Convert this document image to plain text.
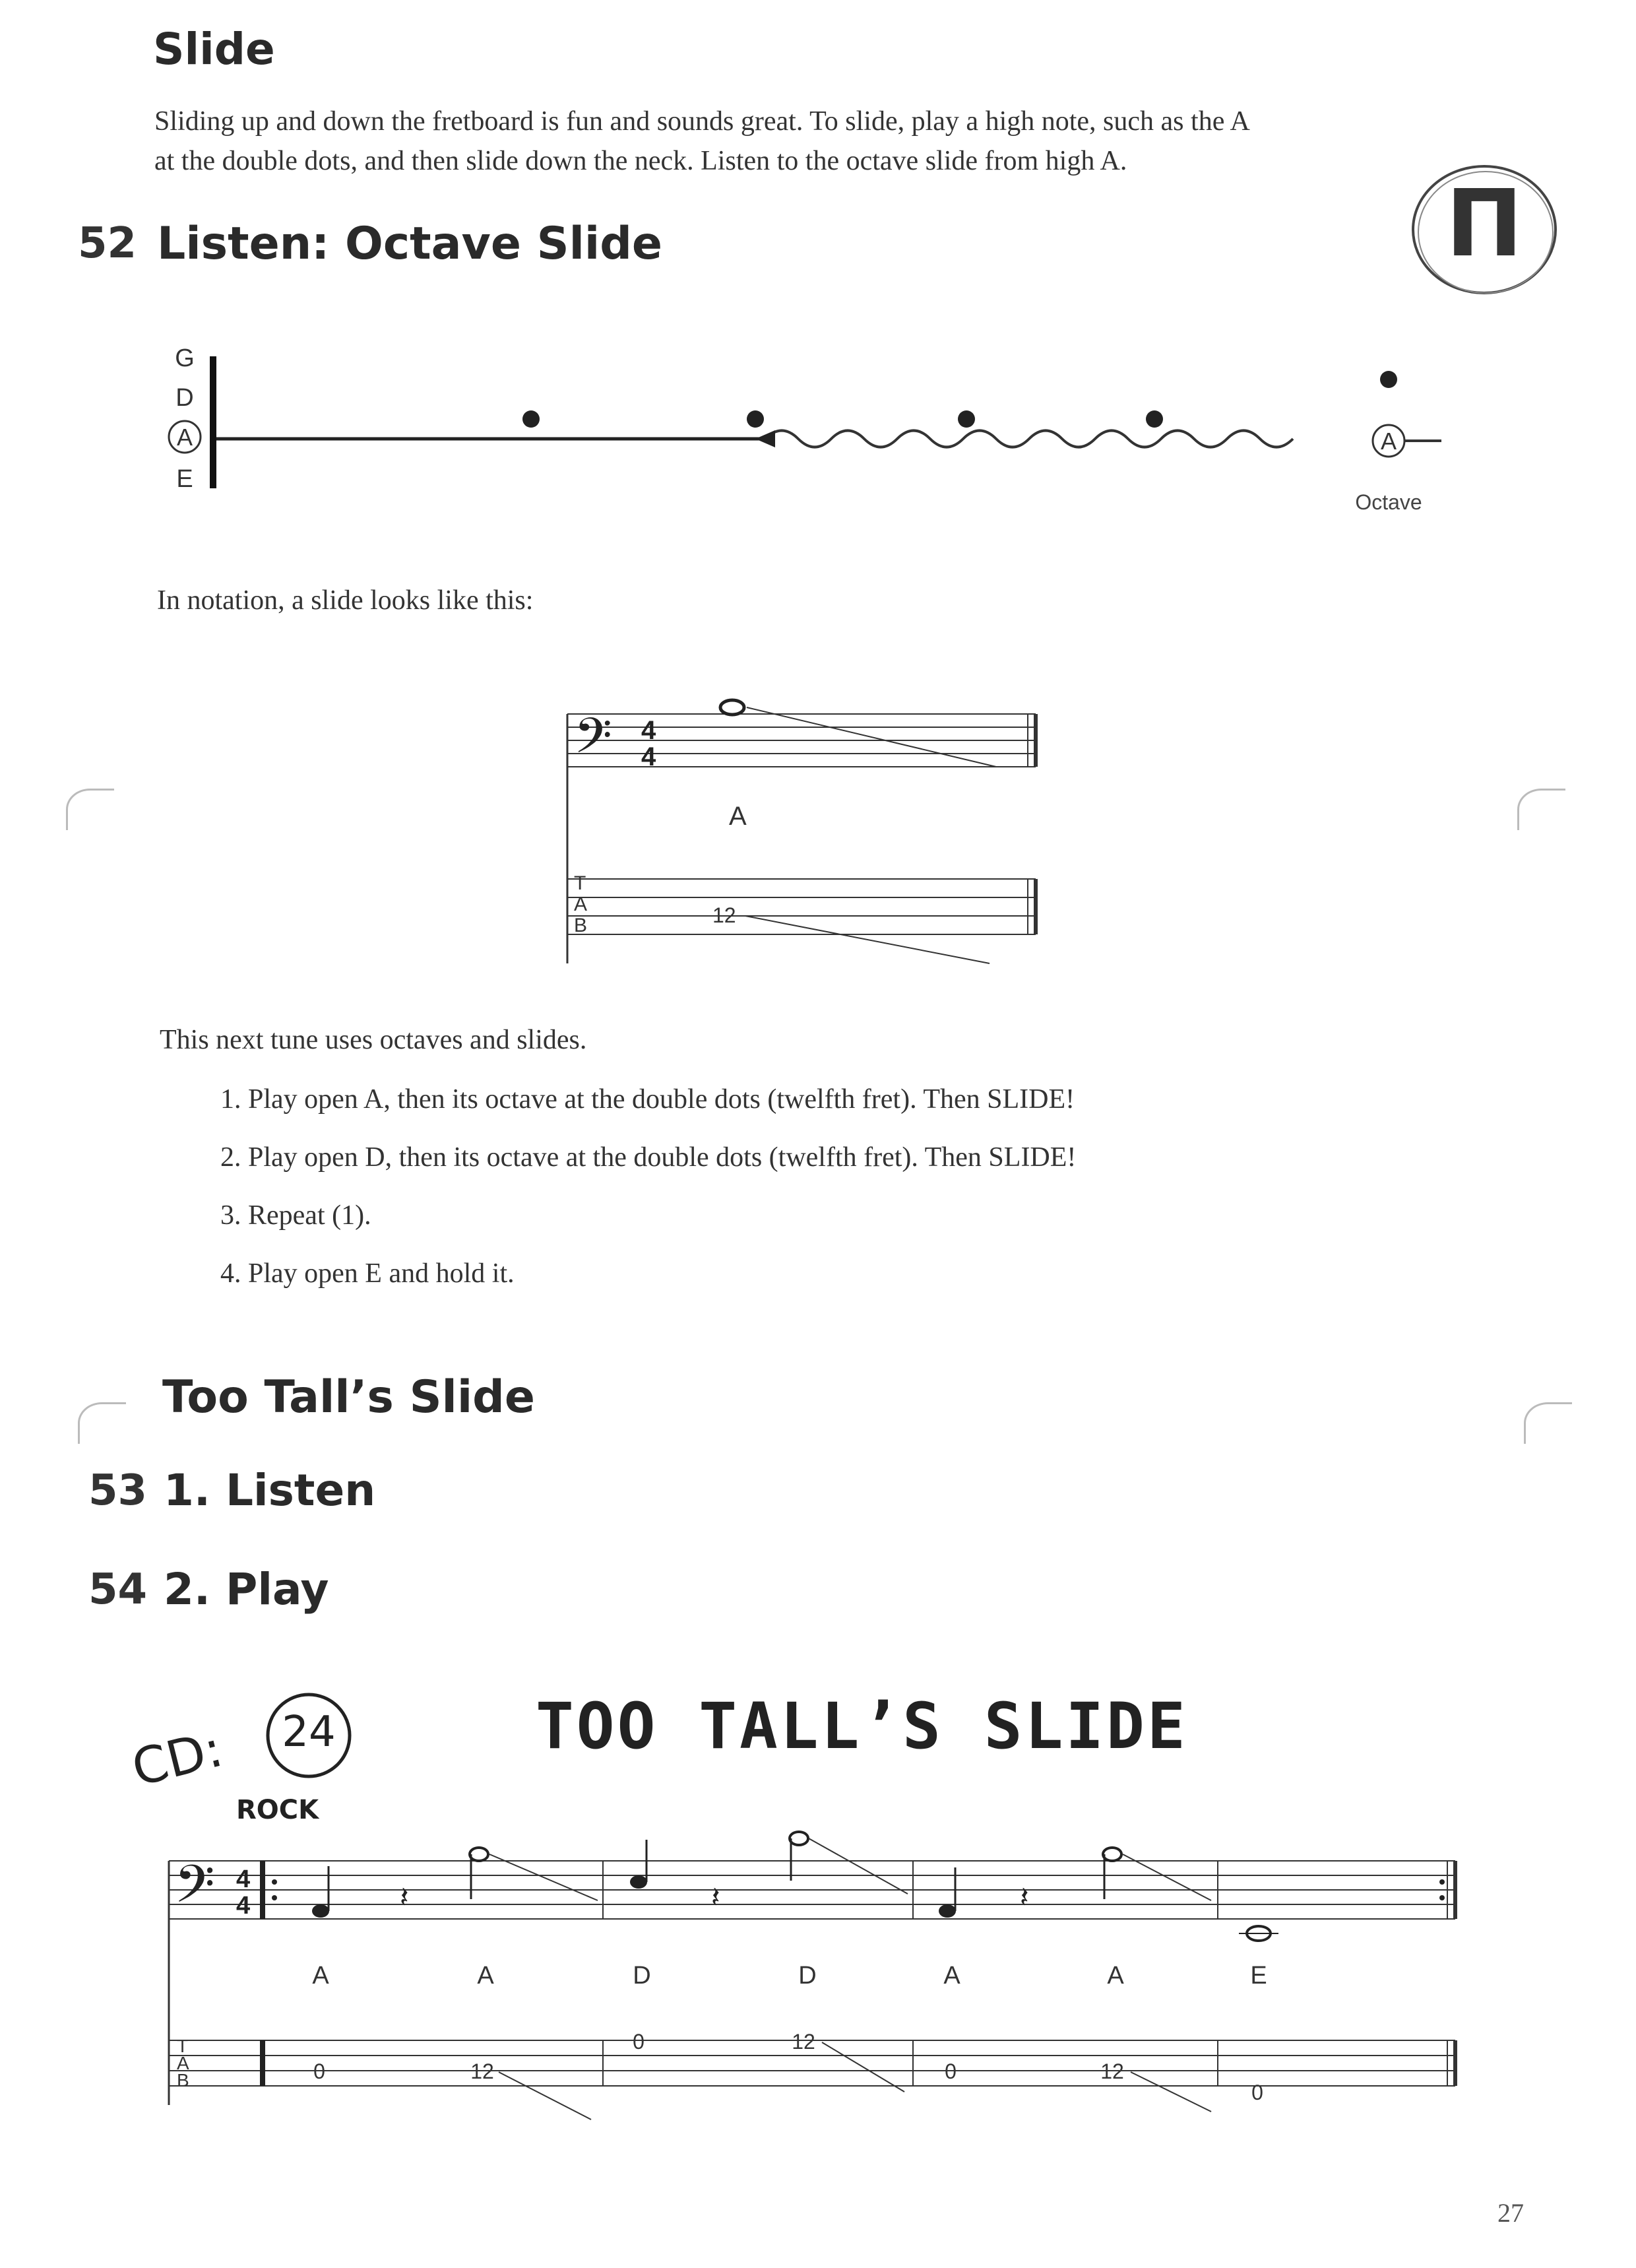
Slide
Sliding up and down the fretboard is fun and sounds great. To slide, play a high note, such as the A
at the double dots, and then slide down the neck. Listen to the octave slide from high A.
Π
52 Listen: Octave Slide
G
D
A
E
A
Octave
In notation, a slide looks like this:
𝄢 4
4
A
T
A
B	12
This next tune uses octaves and slides.
1. Play open A, then its octave at the double dots (twelfth fret). Then SLIDE!
2. Play open D, then its octave at the double dots (twelfth fret). Then SLIDE!
3. Repeat (1).
4. Play open E and hold it.
Too Tall’s Slide
53 1. Listen
54 2. Play
CD:	24	TOO TALL’S SLIDE
ROCK
𝄢 4
4	𝄽	𝄽	𝄽
A	A	D	D	A	A	E
T
A
B	0	12
0	12
0	12
0
27
